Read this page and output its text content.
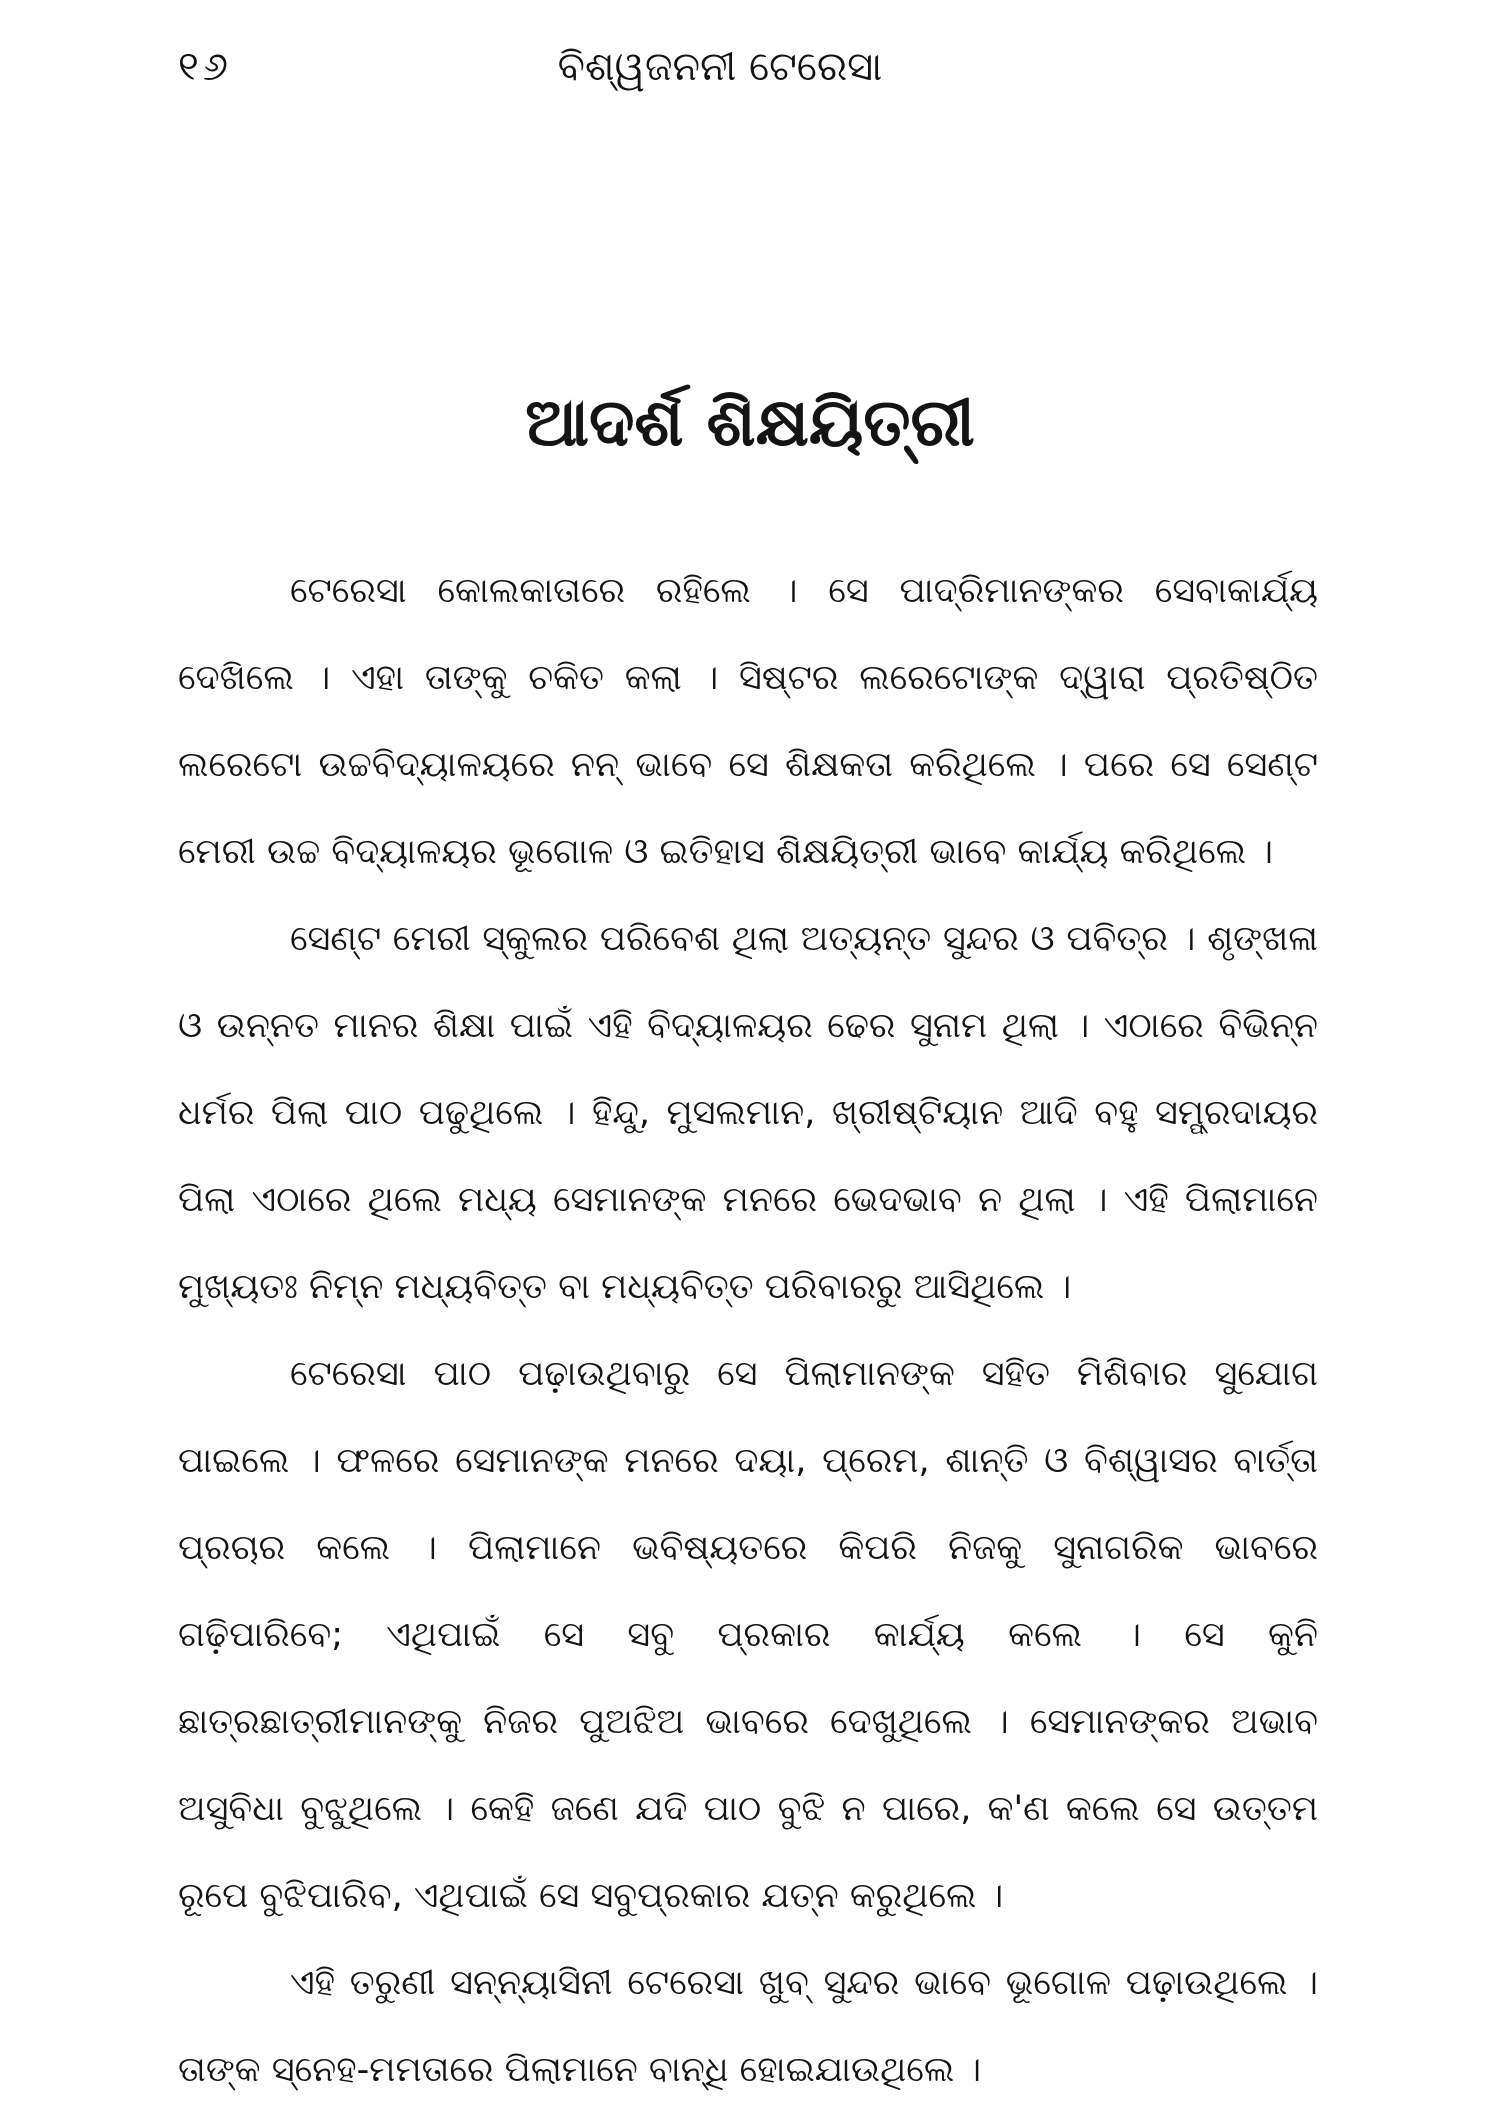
୧୬	ବିଶ୍ୱଜନନୀ ଟେରେସା
ଆଦର୍ଶ ଶିକ୍ଷୟିତ୍ରୀ

ଟେରେସା କୋଲକାତାରେ ରହିଲେ । ସେ ପାଦ୍ରିମାନଙ୍କର ସେବାକାର୍ଯ୍ୟ ଦେଖିଲେ । ଏହା ତାଙ୍କୁ ଚକିତ କଲା । ସିଷ୍ଟର ଲରେଟୋଙ୍କ ଦ୍ୱାରା ପ୍ରତିଷ୍ଠିତ ଲରେଟୋ ଉଚ୍ଚବିଦ୍ୟାଳୟରେ ନନ୍ ଭାବେ ସେ ଶିକ୍ଷକତା କରିଥିଲେ । ପରେ ସେ ସେଣ୍ଟ ମେରୀ ଉଚ୍ଚ ବିଦ୍ୟାଳୟର ଭୂଗୋଳ ଓ ଇତିହାସ ଶିକ୍ଷୟିତ୍ରୀ ଭାବେ କାର୍ଯ୍ୟ କରିଥିଲେ ।

ସେଣ୍ଟ ମେରୀ ସ୍କୁଲର ପରିବେଶ ଥିଲା ଅତ୍ୟନ୍ତ ସୁନ୍ଦର ଓ ପବିତ୍ର । ଶୃଙ୍ଖଳା ଓ ଉନ୍ନତ ମାନର ଶିକ୍ଷା ପାଇଁ ଏହି ବିଦ୍ୟାଳୟର ଢେର ସୁନାମ ଥିଲା । ଏଠାରେ ବିଭିନ୍ନ ଧର୍ମର ପିଲା ପାଠ ପଢୁଥିଲେ । ହିନ୍ଦୁ, ମୁସଲମାନ, ଖ୍ରୀଷ୍ଟିୟାନ ଆଦି ବହୁ ସମ୍ପ୍ରଦାୟର ପିଲା ଏଠାରେ ଥିଲେ ମଧ୍ୟ ସେମାନଙ୍କ ମନରେ ଭେଦଭାବ ନ ଥିଲା । ଏହି ପିଲାମାନେ ମୁଖ୍ୟତଃ ନିମ୍ନ ମଧ୍ୟବିତ୍ତ ବା ମଧ୍ୟବିତ୍ତ ପରିବାରରୁ ଆସିଥିଲେ ।

ଟେରେସା ପାଠ ପଢ଼ାଉଥିବାରୁ ସେ ପିଲାମାନଙ୍କ ସହିତ ମିଶିବାର ସୁଯୋଗ ପାଇଲେ । ଫଳରେ ସେମାନଙ୍କ ମନରେ ଦୟା, ପ୍ରେମ, ଶାନ୍ତି ଓ ବିଶ୍ୱାସର ବାର୍ତ୍ତା ପ୍ରଚାର କଲେ । ପିଲାମାନେ ଭବିଷ୍ୟତରେ କିପରି ନିଜକୁ ସୁନାଗରିକ ଭାବରେ ଗଢ଼ିପାରିବେ; ଏଥିପାଇଁ ସେ ସବୁ ପ୍ରକାର କାର୍ଯ୍ୟ କଲେ । ସେ କୁନି ଛାତ୍ରଛାତ୍ରୀମାନଙ୍କୁ ନିଜର ପୁଅଝିଅ ଭାବରେ ଦେଖୁଥିଲେ । ସେମାନଙ୍କର ଅଭାବ ଅସୁବିଧା ବୁଝୁଥିଲେ । କେହି ଜଣେ ଯଦି ପାଠ ବୁଝି ନ ପାରେ, କ'ଣ କଲେ ସେ ଉତ୍ତମ ରୂପେ ବୁଝିପାରିବ, ଏଥିପାଇଁ ସେ ସବୁପ୍ରକାର ଯତ୍ନ କରୁଥିଲେ ।

ଏହି ତରୁଣୀ ସନ୍ନ୍ୟାସିନୀ ଟେରେସା ଖୁବ୍ ସୁନ୍ଦର ଭାବେ ଭୂଗୋଳ ପଢ଼ାଉଥିଲେ । ତାଙ୍କ ସ୍ନେହ-ମମତାରେ ପିଲାମାନେ ବାନ୍ଧି ହୋଇଯାଉଥିଲେ ।
